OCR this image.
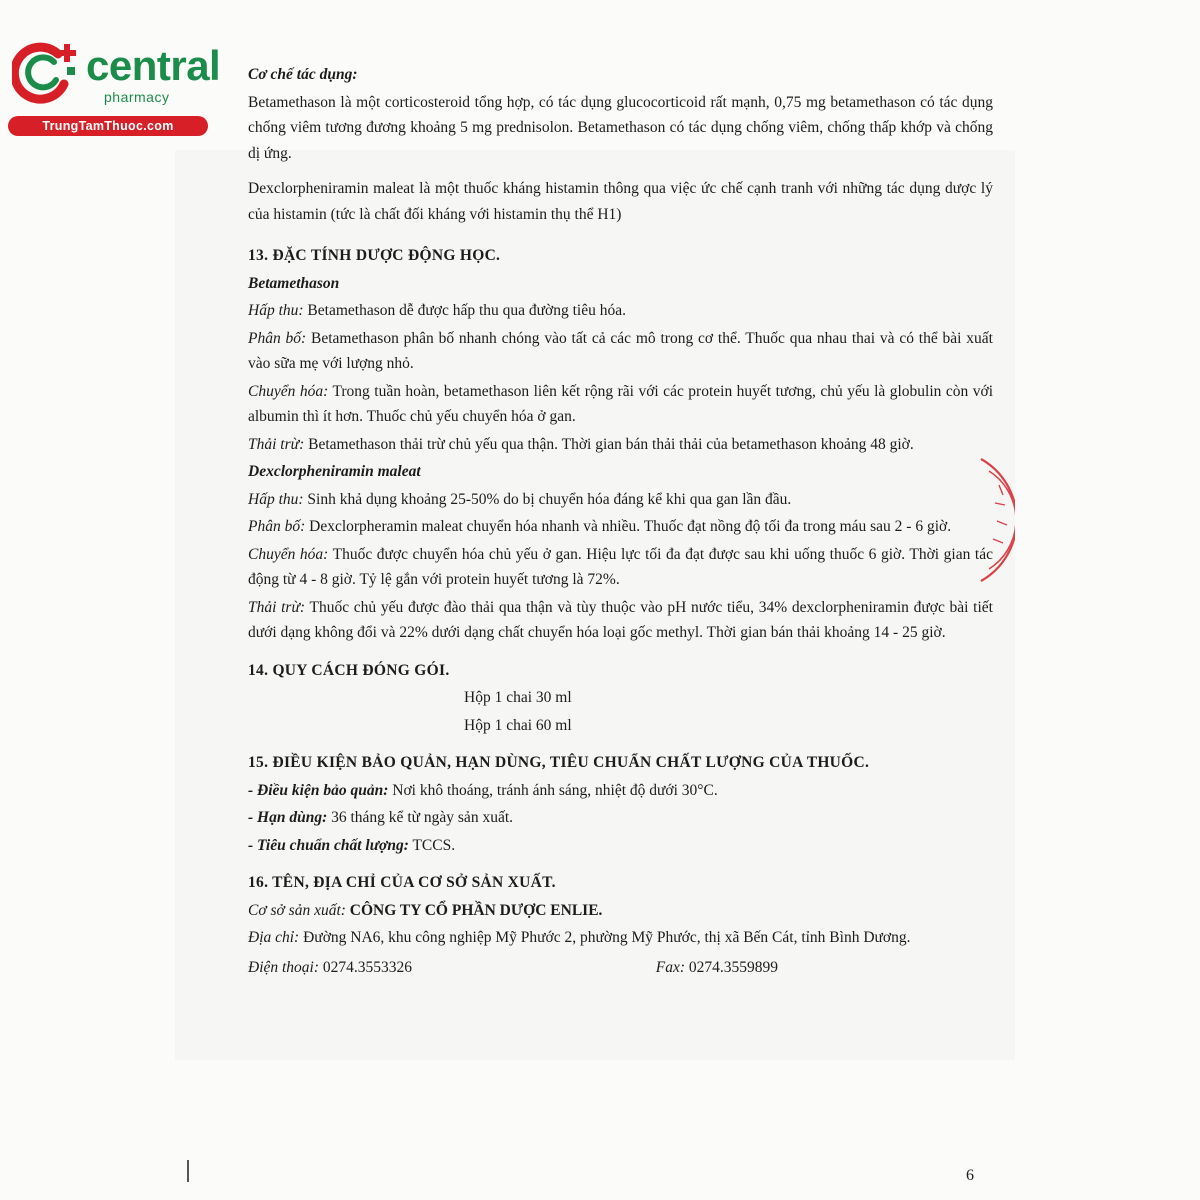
central
pharmacy
TrungTamThuoc.com

Cơ chế tác dụng:

Betamethason là một corticosteroid tổng hợp, có tác dụng glucocorticoid rất mạnh, 0,75 mg betamethason có tác dụng chống viêm tương đương khoảng 5 mg prednisolon. Betamethason có tác dụng chống viêm, chống thấp khớp và chống dị ứng.

Dexclorpheniramin maleat là một thuốc kháng histamin thông qua việc ức chế cạnh tranh với những tác dụng dược lý của histamin (tức là chất đối kháng với histamin thụ thể H1)

13. ĐẶC TÍNH DƯỢC ĐỘNG HỌC.

Betamethason

Hấp thu: Betamethason dễ được hấp thu qua đường tiêu hóa.

Phân bố: Betamethason phân bố nhanh chóng vào tất cả các mô trong cơ thể. Thuốc qua nhau thai và có thể bài xuất vào sữa mẹ với lượng nhỏ.

Chuyển hóa: Trong tuần hoàn, betamethason liên kết rộng rãi với các protein huyết tương, chủ yếu là globulin còn với albumin thì ít hơn. Thuốc chủ yếu chuyển hóa ở gan.

Thải trừ: Betamethason thải trừ chủ yếu qua thận. Thời gian bán thải thải của betamethason khoảng 48 giờ.

Dexclorpheniramin maleat

Hấp thu: Sinh khả dụng khoảng 25-50% do bị chuyển hóa đáng kể khi qua gan lần đầu.

Phân bố: Dexclorpheramin maleat chuyển hóa nhanh và nhiều. Thuốc đạt nồng độ tối đa trong máu sau 2 - 6 giờ.

Chuyển hóa: Thuốc được chuyển hóa chủ yếu ở gan. Hiệu lực tối đa đạt được sau khi uống thuốc 6 giờ. Thời gian tác động từ 4 - 8 giờ. Tỷ lệ gắn với protein huyết tương là 72%.

Thải trừ: Thuốc chủ yếu được đào thải qua thận và tùy thuộc vào pH nước tiểu, 34% dexclorpheniramin được bài tiết dưới dạng không đổi và 22% dưới dạng chất chuyển hóa loại gốc methyl. Thời gian bán thải khoảng 14 - 25 giờ.

14. QUY CÁCH ĐÓNG GÓI.

Hộp 1 chai 30 ml

Hộp 1 chai 60 ml

15. ĐIỀU KIỆN BẢO QUẢN, HẠN DÙNG, TIÊU CHUẨN CHẤT LƯỢNG CỦA THUỐC.

- Điều kiện bảo quản: Nơi khô thoáng, tránh ánh sáng, nhiệt độ dưới 30°C.

- Hạn dùng: 36 tháng kể từ ngày sản xuất.

- Tiêu chuẩn chất lượng: TCCS.

16. TÊN, ĐỊA CHỈ CỦA CƠ SỞ SẢN XUẤT.

Cơ sở sản xuất: CÔNG TY CỔ PHẦN DƯỢC ENLIE.

Địa chỉ: Đường NA6, khu công nghiệp Mỹ Phước 2, phường Mỹ Phước, thị xã Bến Cát, tỉnh Bình Dương.

Điện thoại: 0274.3553326	Fax: 0274.3559899
6
